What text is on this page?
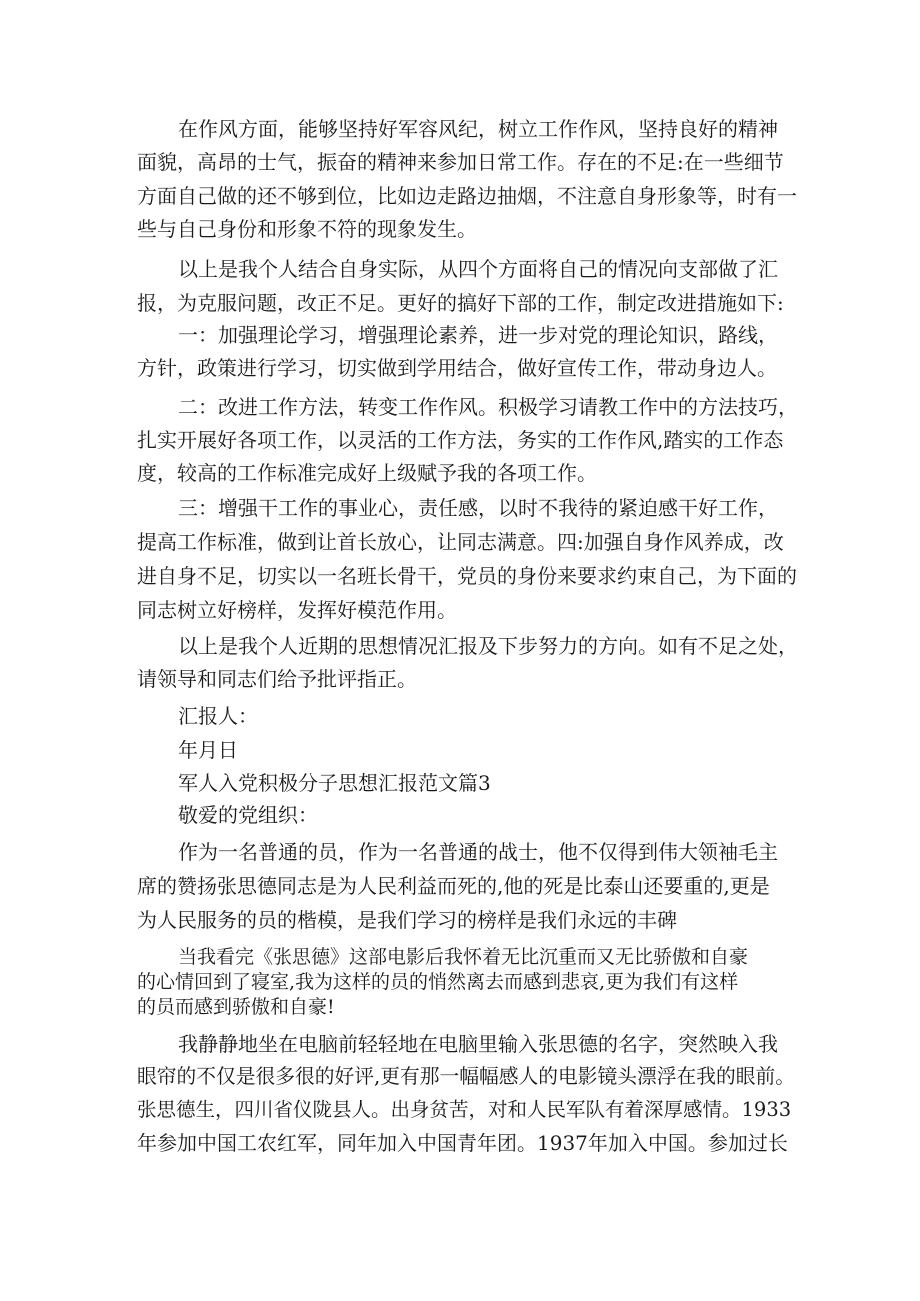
在作风方面，能够坚持好军容风纪，树立工作作风，坚持良好的精神
面貌，高昂的士气，振奋的精神来参加日常工作。存在的不足:在一些细节
方面自己做的还不够到位，比如边走路边抽烟，不注意自身形象等，时有一
些与自己身份和形象不符的现象发生。
以上是我个人结合自身实际，从四个方面将自己的情况向支部做了汇
报，为克服问题，改正不足。更好的搞好下部的工作，制定改进措施如下:
一：加强理论学习，增强理论素养，进一步对党的理论知识，路线，
方针，政策进行学习，切实做到学用结合，做好宣传工作，带动身边人。
二：改进工作方法，转变工作作风。积极学习请教工作中的方法技巧，
扎实开展好各项工作，以灵活的工作方法，务实的工作作风,踏实的工作态
度，较高的工作标准完成好上级赋予我的各项工作。
三：增强干工作的事业心，责任感，以时不我待的紧迫感干好工作，
提高工作标准，做到让首长放心，让同志满意。四:加强自身作风养成，改
进自身不足，切实以一名班长骨干，党员的身份来要求约束自己，为下面的
同志树立好榜样，发挥好模范作用。
以上是我个人近期的思想情况汇报及下步努力的方向。如有不足之处，
请领导和同志们给予批评指正。
汇报人：
年月日
军人入党积极分子思想汇报范文篇3
敬爱的党组织：
作为一名普通的员，作为一名普通的战士，他不仅得到伟大领袖毛主
席的赞扬张思德同志是为人民利益而死的,他的死是比泰山还要重的,更是
为人民服务的员的楷模，是我们学习的榜样是我们永远的丰碑
当我看完《张思德》这部电影后我怀着无比沉重而又无比骄傲和自豪
的心情回到了寝室,我为这样的员的悄然离去而感到悲哀,更为我们有这样
的员而感到骄傲和自豪!
我静静地坐在电脑前轻轻地在电脑里输入张思德的名字，突然映入我
眼帘的不仅是很多很的好评,更有那一幅幅感人的电影镜头漂浮在我的眼前。
张思德生，四川省仪陇县人。出身贫苦，对和人民军队有着深厚感情。1933
年参加中国工农红军，同年加入中国青年团。1937年加入中国。参加过长
